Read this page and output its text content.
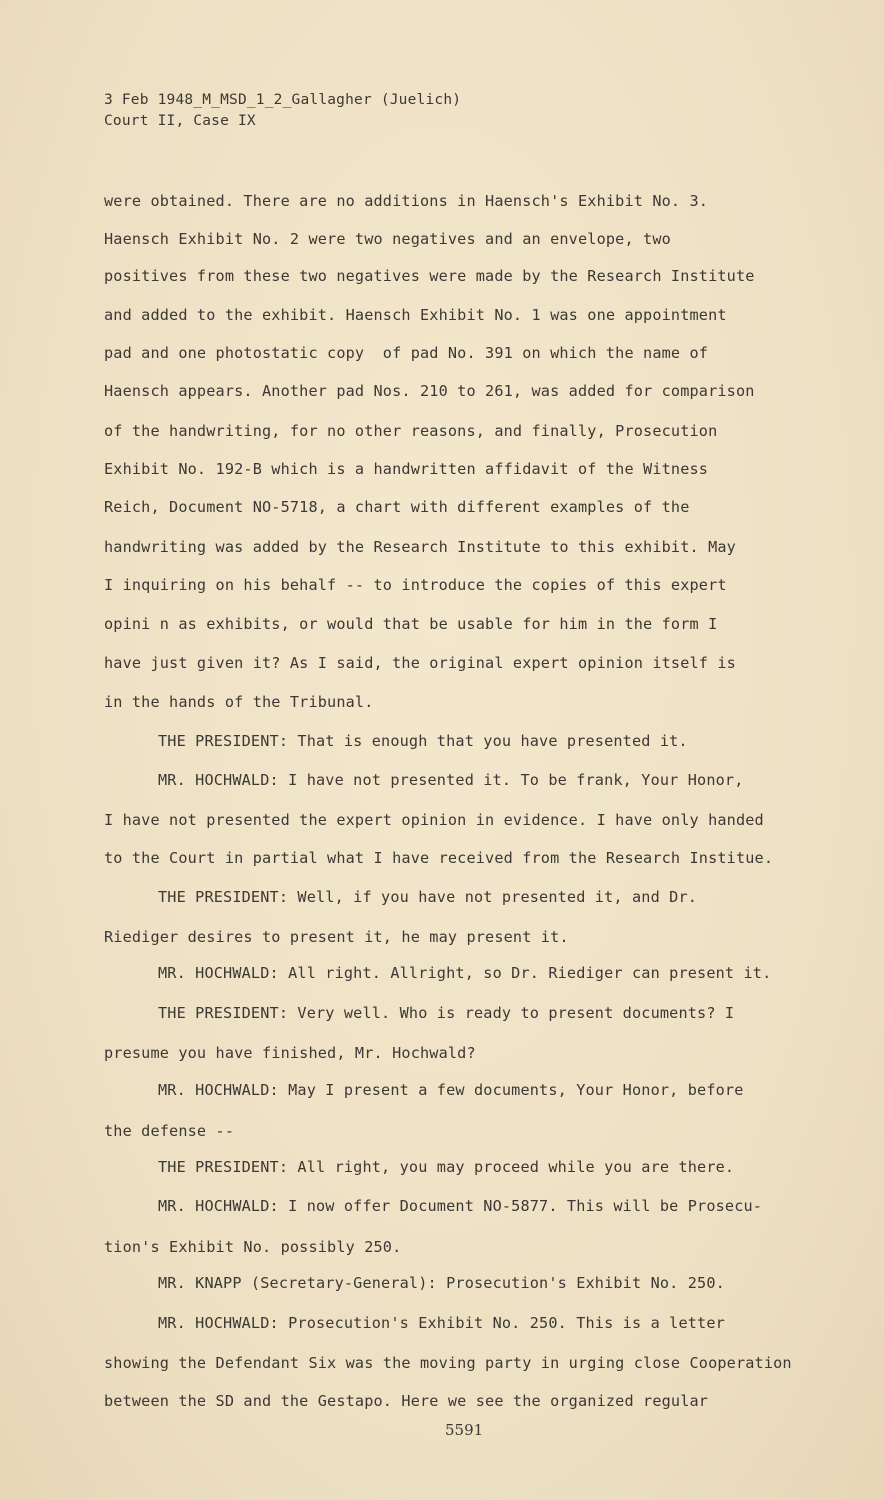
3 Feb 1948_M_MSD_1_2_Gallagher (Juelich)
Court II, Case IX
were obtained. There are no additions in Haensch's Exhibit No. 3.
Haensch Exhibit No. 2 were two negatives and an envelope, two
positives from these two negatives were made by the Research Institute
and added to the exhibit. Haensch Exhibit No. 1 was one appointment
pad and one photostatic copy  of pad No. 391 on which the name of
Haensch appears. Another pad Nos. 210 to 261, was added for comparison
of the handwriting, for no other reasons, and finally, Prosecution
Exhibit No. 192-B which is a handwritten affidavit of the Witness
Reich, Document NO-5718, a chart with different examples of the
handwriting was added by the Research Institute to this exhibit. May
I inquiring on his behalf -- to introduce the copies of this expert
opini n as exhibits, or would that be usable for him in the form I
have just given it? As I said, the original expert opinion itself is
in the hands of the Tribunal.
THE PRESIDENT: That is enough that you have presented it.
MR. HOCHWALD: I have not presented it. To be frank, Your Honor,
I have not presented the expert opinion in evidence. I have only handed
to the Court in partial what I have received from the Research Institue.
THE PRESIDENT: Well, if you have not presented it, and Dr.
Riediger desires to present it, he may present it.
MR. HOCHWALD: All right. Allright, so Dr. Riediger can present it.
THE PRESIDENT: Very well. Who is ready to present documents? I
presume you have finished, Mr. Hochwald?
MR. HOCHWALD: May I present a few documents, Your Honor, before
the defense --
THE PRESIDENT: All right, you may proceed while you are there.
MR. HOCHWALD: I now offer Document NO-5877. This will be Prosecu-
tion's Exhibit No. possibly 250.
MR. KNAPP (Secretary-General): Prosecution's Exhibit No. 250.
MR. HOCHWALD: Prosecution's Exhibit No. 250. This is a letter
showing the Defendant Six was the moving party in urging close Cooperation
between the SD and the Gestapo. Here we see the organized regular
5591
